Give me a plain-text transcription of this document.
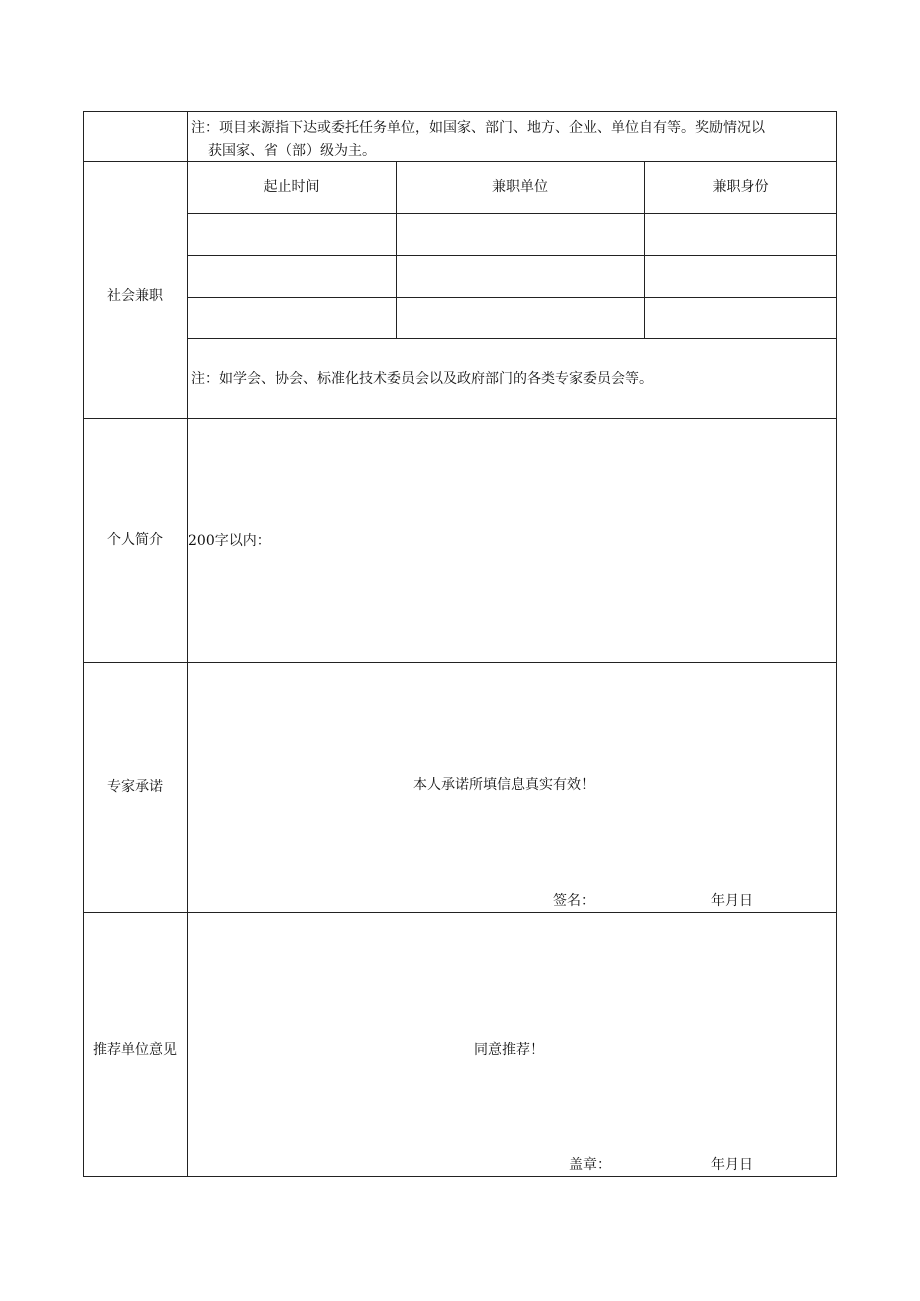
注：项目来源指下达或委托任务单位，如国家、部门、地方、企业、单位自有等。奖励情况以
获国家、省（部）级为主。
社会兼职
起止时间	兼职单位	兼职身份
注：如学会、协会、标准化技术委员会以及政府部门的各类专家委员会等。
个人简介	200字以内：
专家承诺	本人承诺所填信息真实有效！
签名：	年月日
推荐单位意见	同意推荐！
盖章：	年月日
